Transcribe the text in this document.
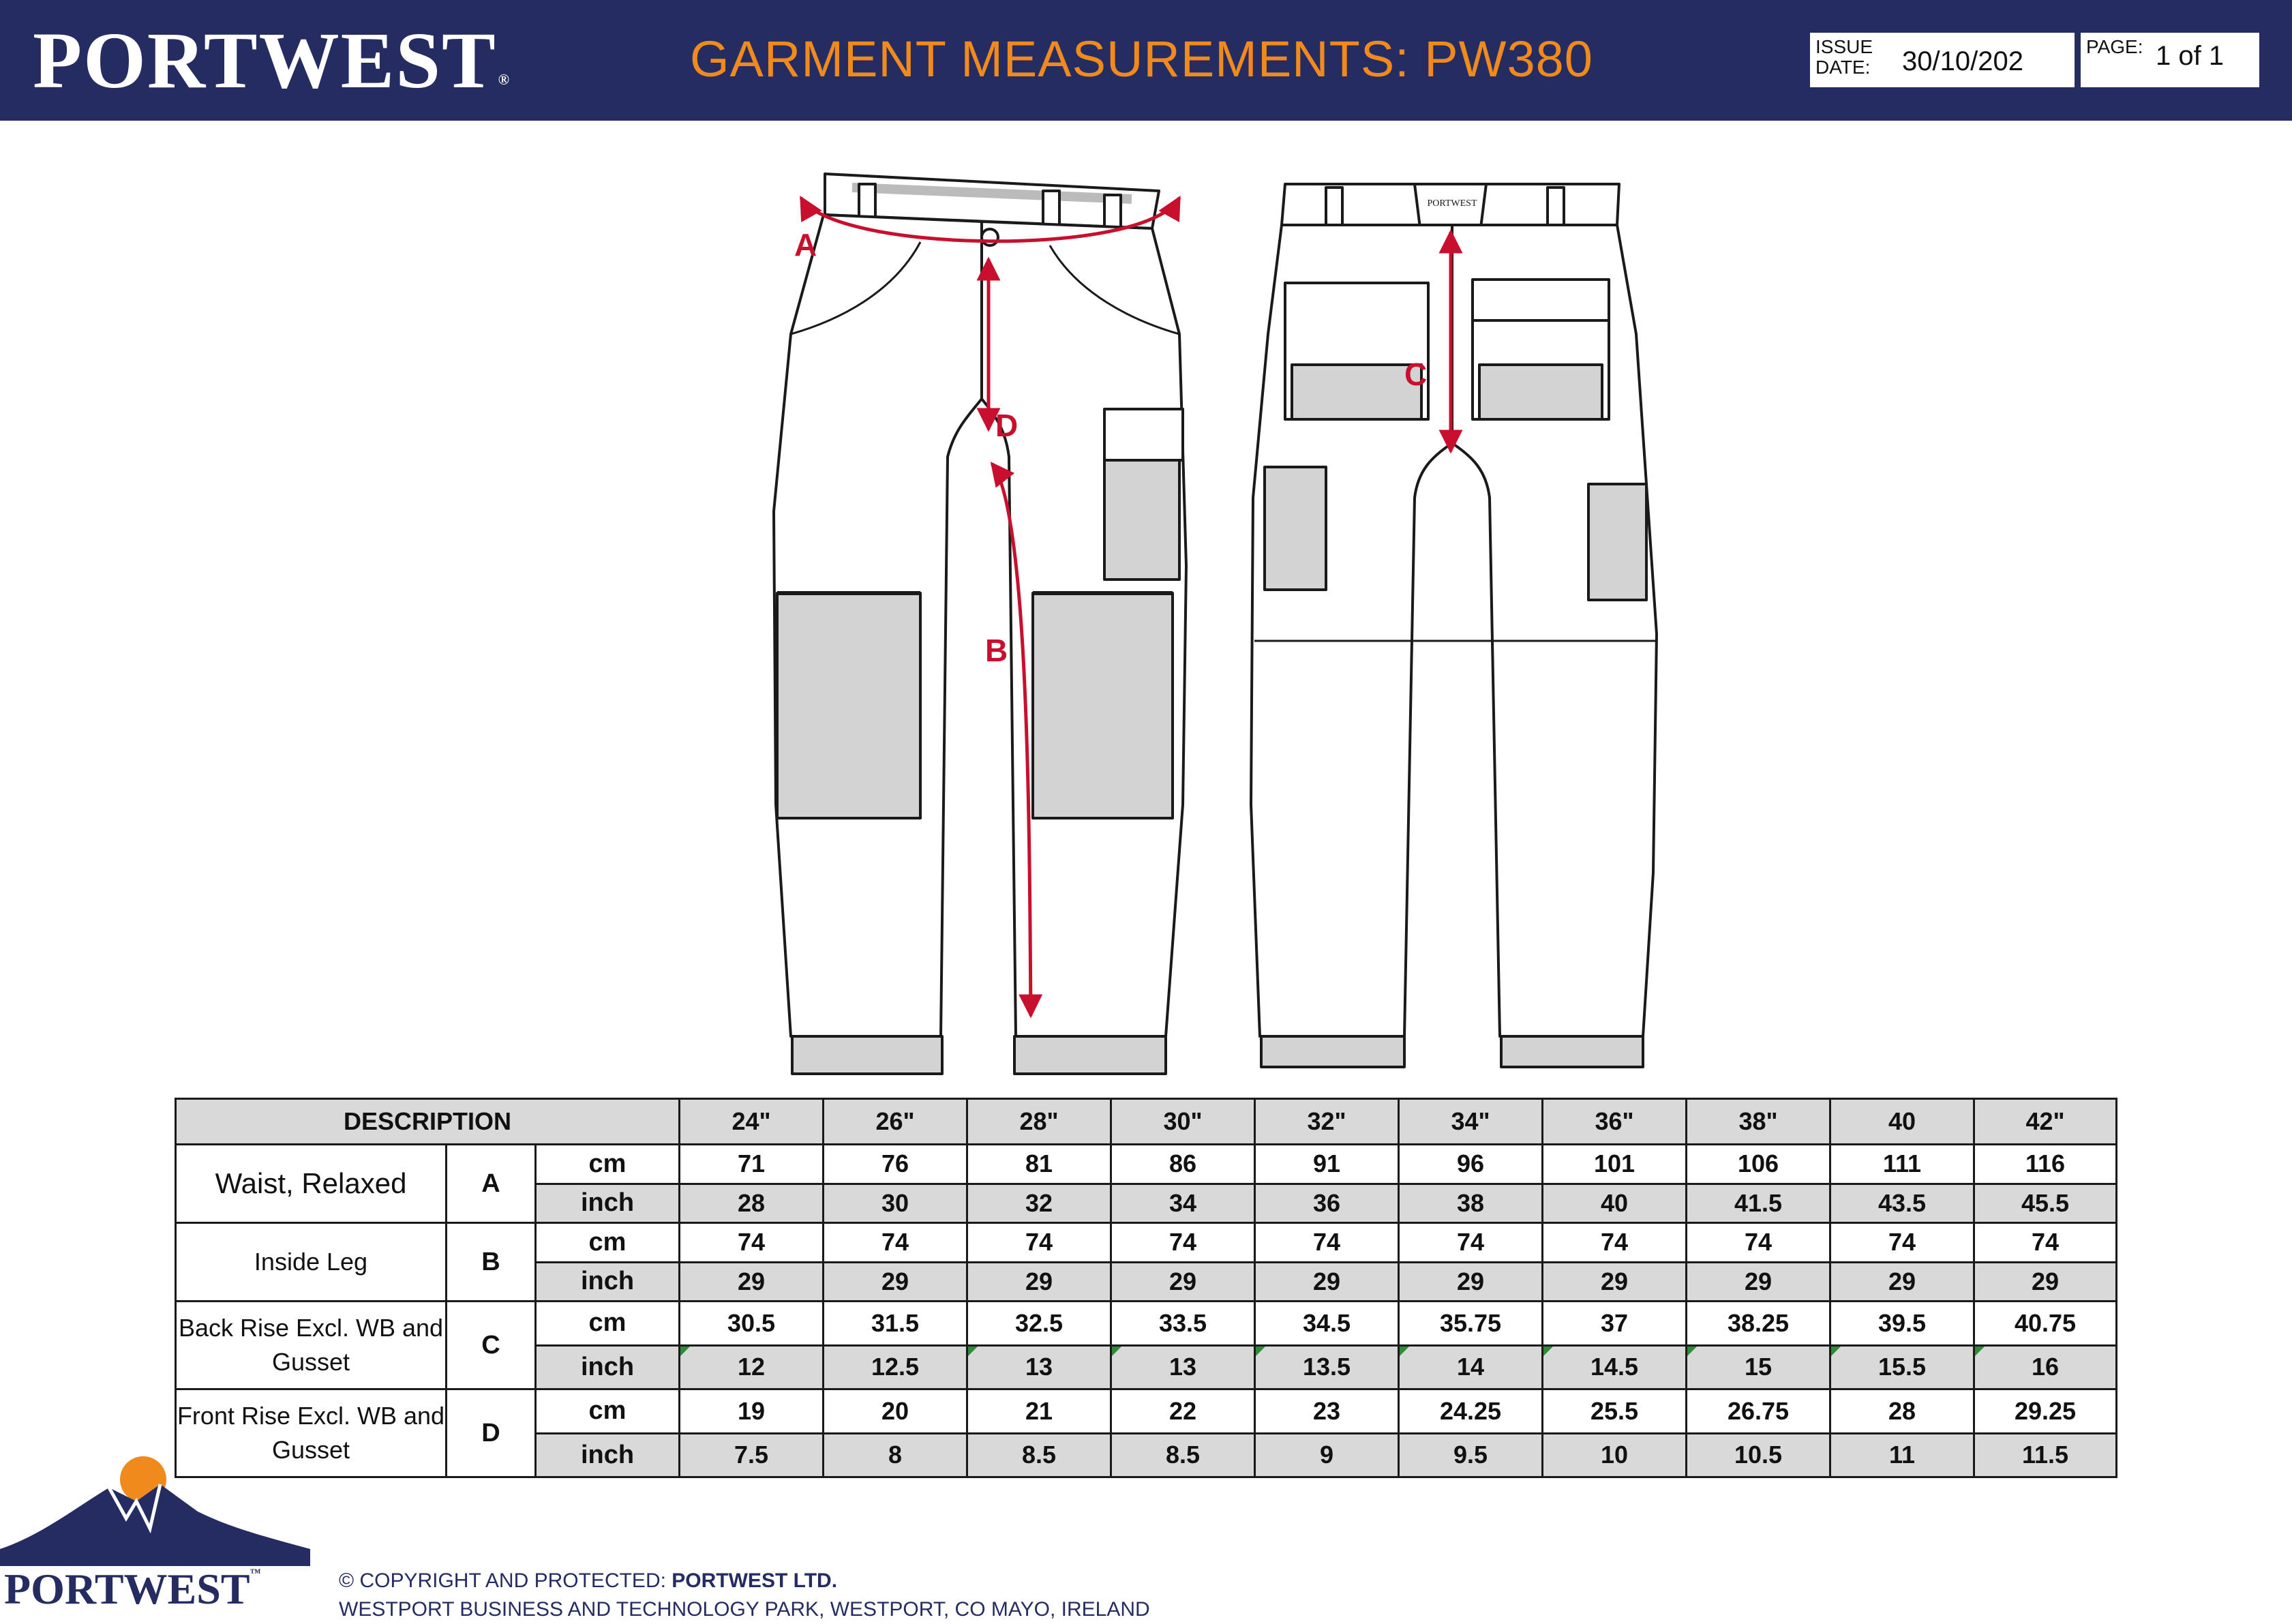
PORTWEST®	GARMENT MEASUREMENTS: PW380	ISSUE
DATE: 30/10/202	PAGE: 1 of 1
A
D
B
PORTWEST
C
DESCRIPTION			24"	26"	28"	30"	32"	34"	36"	38"	40	42"
Waist, Relaxed	A	cm	71	76	81	86	91	96	101	106	111	116
		inch	28	30	32	34	36	38	40	41.5	43.5	45.5
Inside Leg	B	cm	74	74	74	74	74	74	74	74	74	74
		inch	29	29	29	29	29	29	29	29	29	29
Back Rise Excl. WB and Gusset	C	cm	30.5	31.5	32.5	33.5	34.5	35.75	37	38.25	39.5	40.75
		inch	12	12.5	13	13	13.5	14	14.5	15	15.5	16
Front Rise Excl. WB and Gusset	D	cm	19	20	21	22	23	24.25	25.5	26.75	28	29.25
		inch	7.5	8	8.5	8.5	9	9.5	10	10.5	11	11.5
PORTWEST™	© COPYRIGHT AND PROTECTED: PORTWEST LTD.
WESTPORT BUSINESS AND TECHNOLOGY PARK, WESTPORT, CO MAYO, IRELAND
